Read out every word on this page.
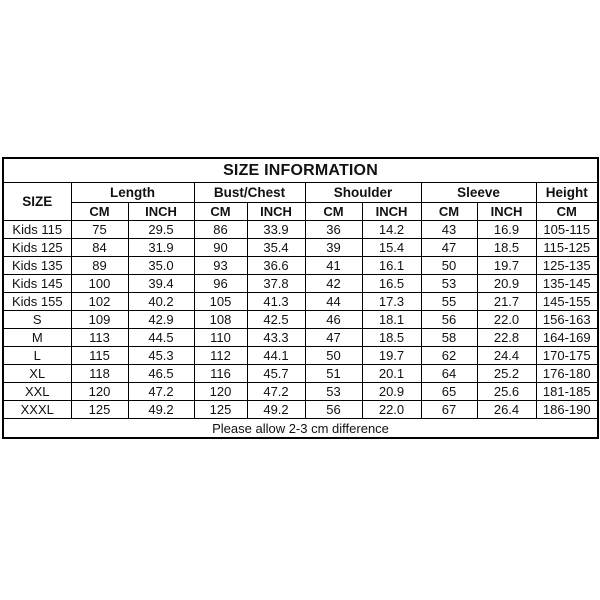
SIZE INFORMATION									
SIZE	Length		Bust/Chest		Shoulder		Sleeve		Height
	CM	INCH	CM	INCH	CM	INCH	CM	INCH	CM
Kids 115	75	29.5	86	33.9	36	14.2	43	16.9	105-115
Kids 125	84	31.9	90	35.4	39	15.4	47	18.5	115-125
Kids 135	89	35.0	93	36.6	41	16.1	50	19.7	125-135
Kids 145	100	39.4	96	37.8	42	16.5	53	20.9	135-145
Kids 155	102	40.2	105	41.3	44	17.3	55	21.7	145-155
S	109	42.9	108	42.5	46	18.1	56	22.0	156-163
M	113	44.5	110	43.3	47	18.5	58	22.8	164-169
L	115	45.3	112	44.1	50	19.7	62	24.4	170-175
XL	118	46.5	116	45.7	51	20.1	64	25.2	176-180
XXL	120	47.2	120	47.2	53	20.9	65	25.6	181-185
XXXL	125	49.2	125	49.2	56	22.0	67	26.4	186-190
Please allow 2-3 cm difference									
